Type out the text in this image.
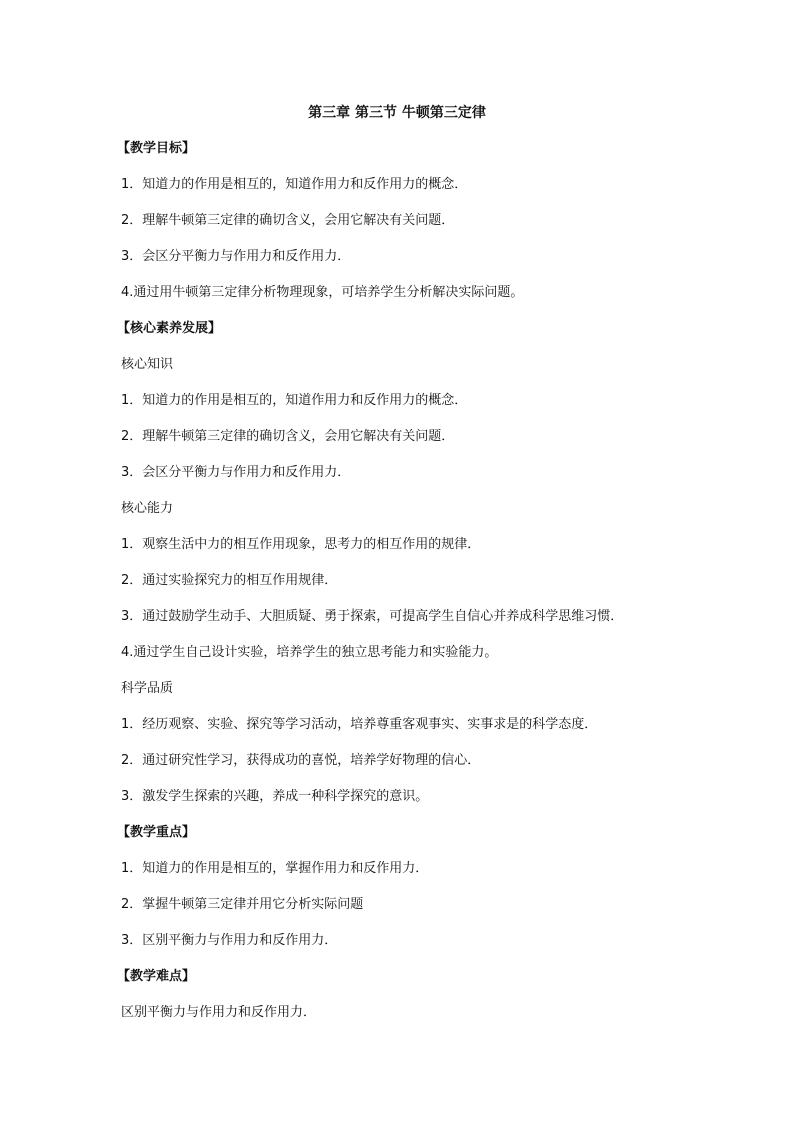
第三章 第三节 牛顿第三定律
【教学目标】
1．知道力的作用是相互的，知道作用力和反作用力的概念．
2．理解牛顿第三定律的确切含义，会用它解决有关问题．
3．会区分平衡力与作用力和反作用力．
4.通过用牛顿第三定律分析物理现象，可培养学生分析解决实际问题。
【核心素养发展】
核心知识
1．知道力的作用是相互的，知道作用力和反作用力的概念．
2．理解牛顿第三定律的确切含义，会用它解决有关问题．
3．会区分平衡力与作用力和反作用力．
核心能力
1．观察生活中力的相互作用现象，思考力的相互作用的规律．
2．通过实验探究力的相互作用规律．
3．通过鼓励学生动手、大胆质疑、勇于探索，可提高学生自信心并养成科学思维习惯．
4.通过学生自己设计实验，培养学生的独立思考能力和实验能力。
科学品质
1．经历观察、实验、探究等学习活动，培养尊重客观事实、实事求是的科学态度．
2．通过研究性学习，获得成功的喜悦，培养学好物理的信心．
3．激发学生探索的兴趣，养成一种科学探究的意识。
【教学重点】
1．知道力的作用是相互的，掌握作用力和反作用力．
2．掌握牛顿第三定律并用它分析实际问题
3．区别平衡力与作用力和反作用力．
【教学难点】
区别平衡力与作用力和反作用力．
